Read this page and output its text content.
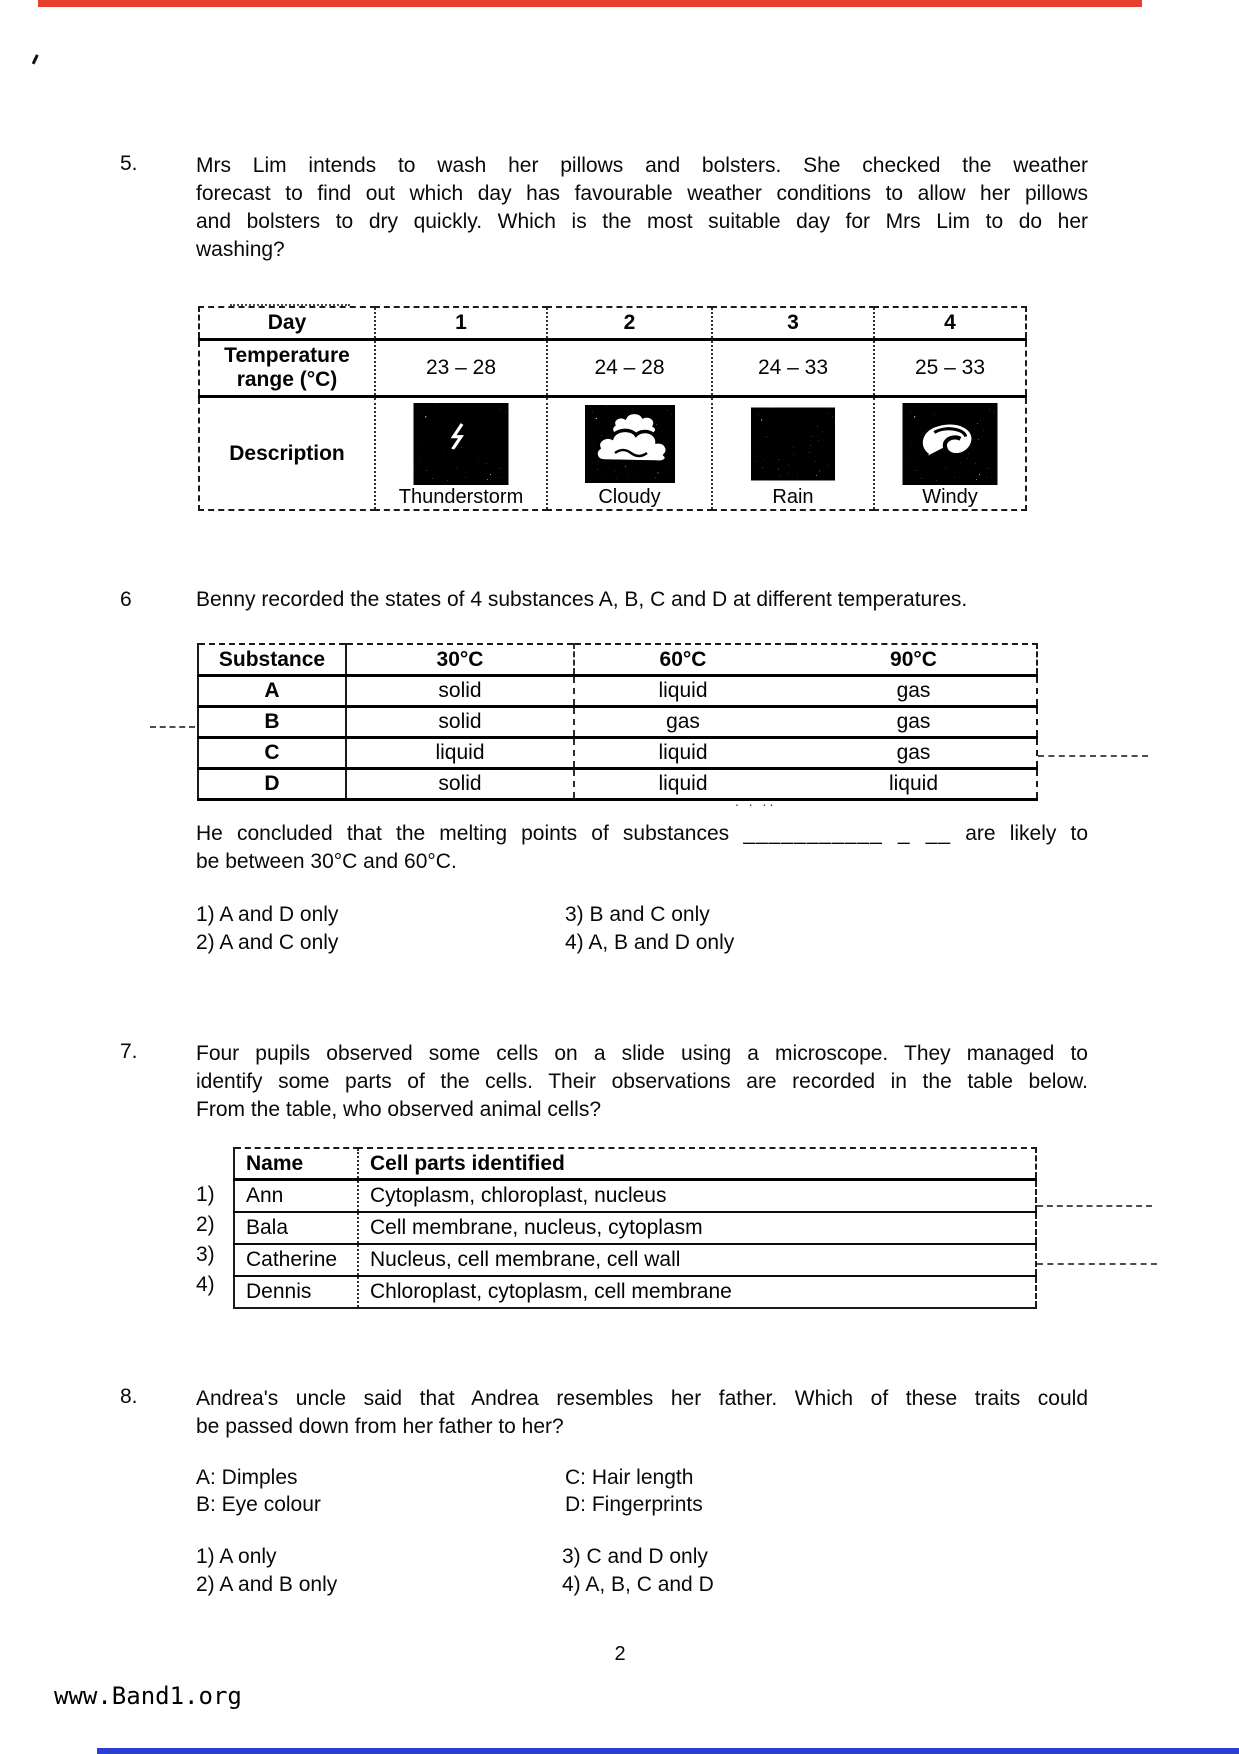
5.	Mrs Lim intends to wash her pillows and bolsters. She checked the weather
forecast to find out which day has favourable weather conditions to allow her pillows
and bolsters to dry quickly. Which is the most suitable day for Mrs Lim to do her
washing?
Day	1	2	3	4

Temperature
range (°C)	23 – 28	24 – 28	24 – 33	25 – 33
Description	Thunderstorm	Cloudy	Rain	Windy
6	Benny recorded the states of 4 substances A, B, C and D at different temperatures.
Substance	30°C	60°C	90°C
A	solid	liquid	gas
B	solid	gas	gas
C	liquid	liquid	gas
D	solid	liquid	liquid
. . ..
He concluded that the melting points of substances ___________ _ __ are likely to
be between 30°C and 60°C.
1) A and D only	3) B and C only
2) A and C only	4) A, B and D only
7.	Four pupils observed some cells on a slide using a microscope. They managed to
identify some parts of the cells. Their observations are recorded in the table below.
From the table, who observed animal cells?
1)
2)
3)
4)
Name	Cell parts identified
Ann	Cytoplasm, chloroplast, nucleus
Bala	Cell membrane, nucleus, cytoplasm
Catherine	Nucleus, cell membrane, cell wall
Dennis	Chloroplast, cytoplasm, cell membrane
8.	Andrea's uncle said that Andrea resembles her father. Which of these traits could
be passed down from her father to her?
A: Dimples	C: Hair length
B: Eye colour	D: Fingerprints
1) A only	3) C and D only
2) A and B only	4) A, B, C and D
2
www.Band1.org
